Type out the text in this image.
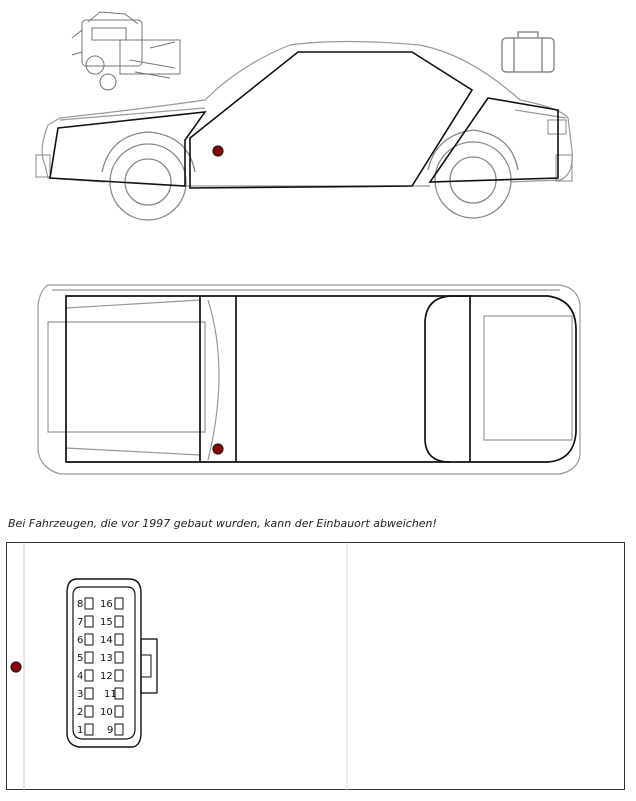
Bei Fahrzeugen, die vor 1997 gebaut wurden, kann der Einbauort abweichen!
8
7
6
5
4
3
2
1
16
15
14
13
12
11
10
9
